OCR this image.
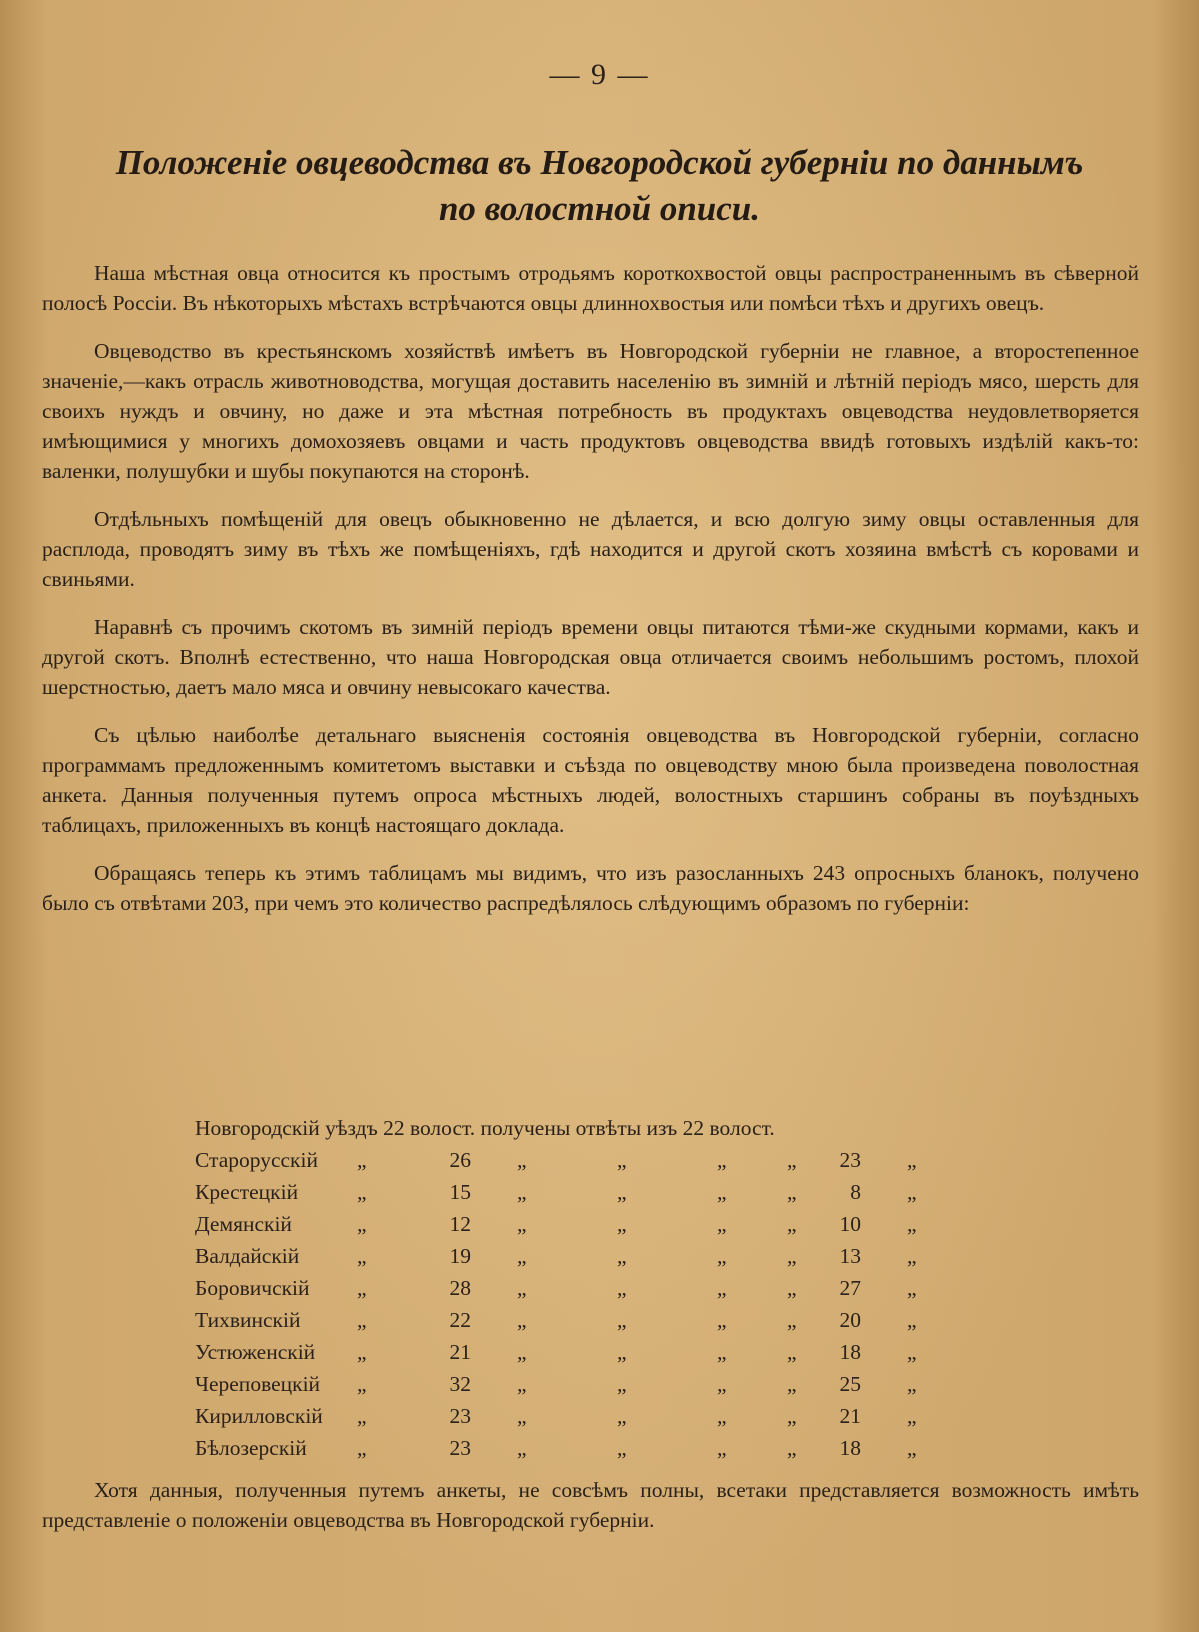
— 9 —
Положеніе овцеводства въ Новгородской губерніи по даннымъ
по волостной описи.

Наша мѣстная овца относится къ простымъ отродьямъ короткохвостой овцы распространеннымъ въ сѣверной полосѣ Россіи. Въ нѣкоторыхъ мѣстахъ встрѣчаются овцы длиннохвостыя или помѣси тѣхъ и другихъ овецъ.

Овцеводство въ крестьянскомъ хозяйствѣ имѣетъ въ Новгородской губерніи не главное, а второстепенное значеніе,—какъ отрасль животноводства, могущая доставить населенію въ зимній и лѣтній періодъ мясо, шерсть для своихъ нуждъ и овчину, но даже и эта мѣстная потребность въ продуктахъ овцеводства неудовлетворяется имѣющимися у многихъ домохозяевъ овцами и часть продуктовъ овцеводства ввидѣ готовыхъ издѣлій какъ-то: валенки, полушубки и шубы покупаются на сторонѣ.

Отдѣльныхъ помѣщеній для овецъ обыкновенно не дѣлается, и всю долгую зиму овцы оставленныя для расплода, проводятъ зиму въ тѣхъ же помѣщеніяхъ, гдѣ находится и другой скотъ хозяина вмѣстѣ съ коровами и свиньями.

Наравнѣ съ прочимъ скотомъ въ зимній періодъ времени овцы питаются тѣми-же скудными кормами, какъ и другой скотъ. Вполнѣ естественно, что наша Новгородская овца отличается своимъ небольшимъ ростомъ, плохой шерстностью, даетъ мало мяса и овчину невысокаго качества.

Съ цѣлью наиболѣе детальнаго выясненія состоянія овцеводства въ Новгородской губерніи, согласно программамъ предложеннымъ комитетомъ выставки и съѣзда по овцеводству мною была произведена поволостная анкета. Данныя полученныя путемъ опроса мѣстныхъ людей, волостныхъ старшинъ собраны въ поуѣздныхъ таблицахъ, приложенныхъ въ концѣ настоящаго доклада.

Обращаясь теперь къ этимъ таблицамъ мы видимъ, что изъ разосланныхъ 243 опросныхъ бланокъ, получено было съ отвѣтами 203, при чемъ это количество распредѣлялось слѣдующимъ образомъ по губерніи:

Новгородскій уѣздъ 22 волост. получены отвѣты изъ 22 волост.
Старорусскій „	26 „	„	„	„	23 „
Крестецкій	„	15 „	„	„	„	8 „
Демянскій	„	12 „	„	„	„	10 „
Валдайскій	„	19 „	„	„	„	13 „
Боровичскій „	28 „	„	„	„	27 „
Тихвинскій	„	22 „	„	„	„	20 „
Устюженскій „	21 „	„	„	„	18 „
Череповецкій „	32 „	„	„	„	25 „
Кирилловскій „	23 „	„	„	„	21 „
Бѣлозерскій „	23 „	„	„	„	18 „

Хотя данныя, полученныя путемъ анкеты, не совсѣмъ полны, всетаки представляется возможность имѣть представленіе о положеніи овцеводства въ Новгородской губерніи.
